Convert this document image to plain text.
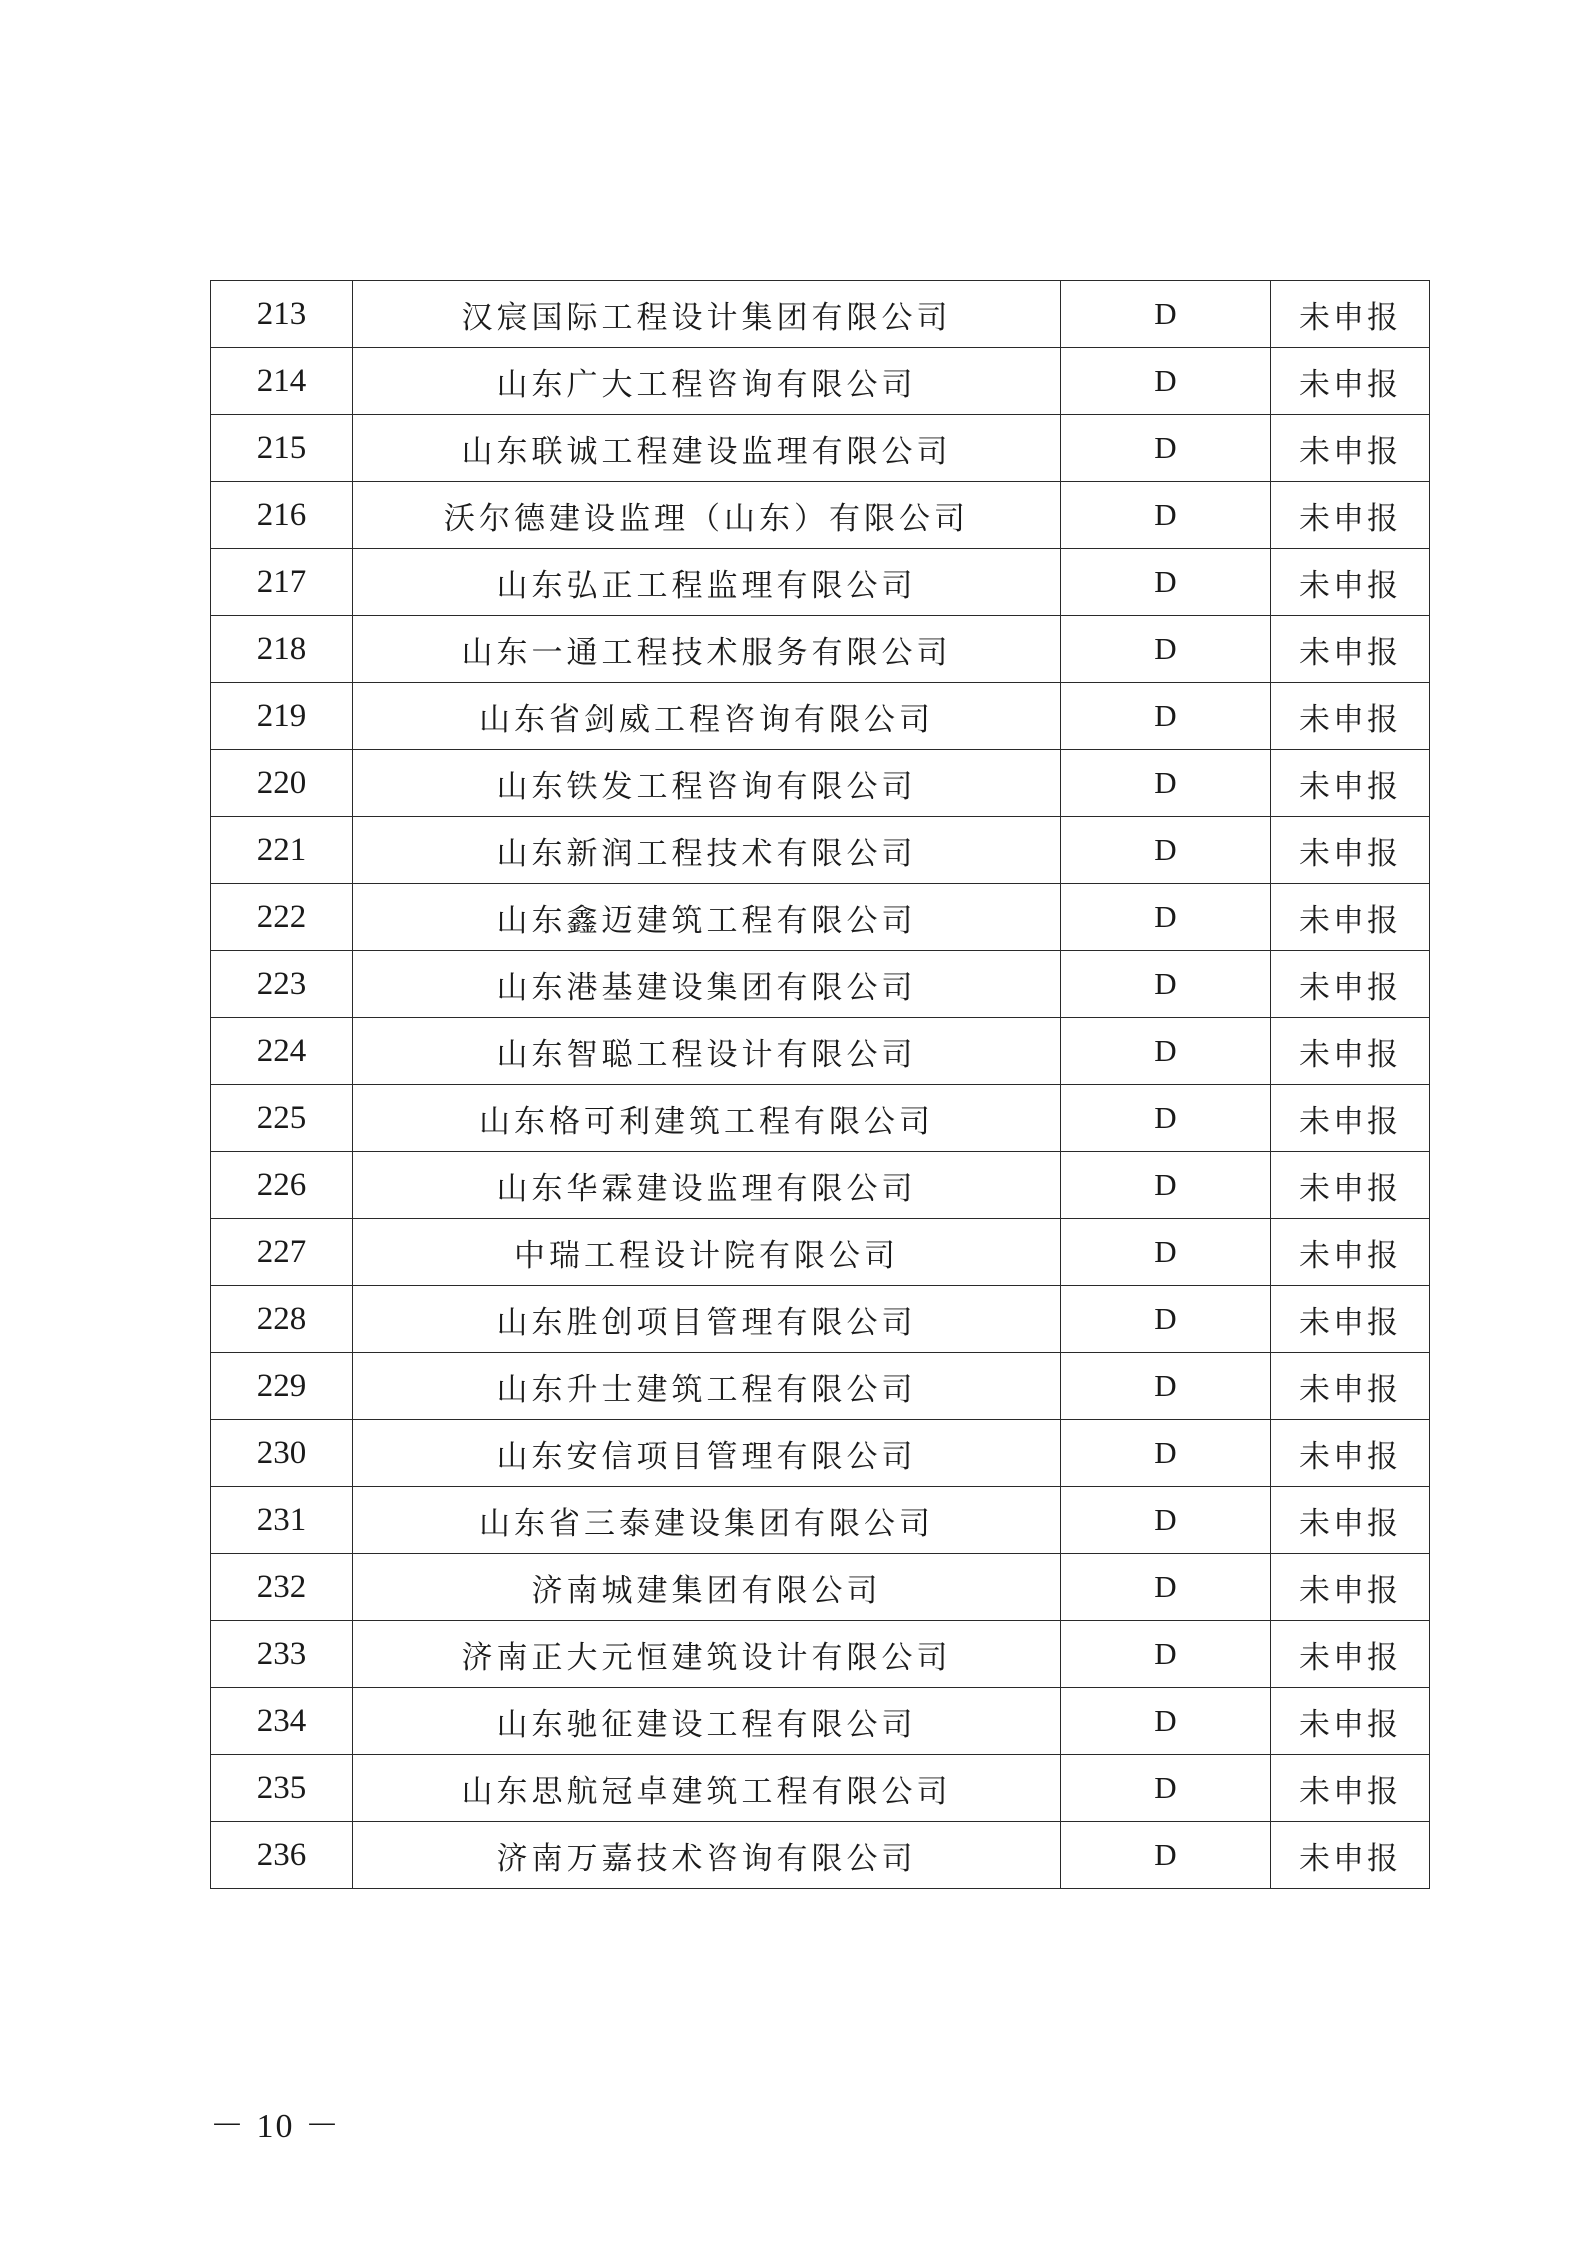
213	汉宸国际工程设计集团有限公司	D	未申报
214	山东广大工程咨询有限公司	D	未申报
215	山东联诚工程建设监理有限公司	D	未申报
216	沃尔德建设监理（山东）有限公司	D	未申报
217	山东弘正工程监理有限公司	D	未申报
218	山东一通工程技术服务有限公司	D	未申报
219	山东省剑威工程咨询有限公司	D	未申报
220	山东铁发工程咨询有限公司	D	未申报
221	山东新润工程技术有限公司	D	未申报
222	山东鑫迈建筑工程有限公司	D	未申报
223	山东港基建设集团有限公司	D	未申报
224	山东智聪工程设计有限公司	D	未申报
225	山东格可利建筑工程有限公司	D	未申报
226	山东华霖建设监理有限公司	D	未申报
227	中瑞工程设计院有限公司	D	未申报
228	山东胜创项目管理有限公司	D	未申报
229	山东升士建筑工程有限公司	D	未申报
230	山东安信项目管理有限公司	D	未申报
231	山东省三泰建设集团有限公司	D	未申报
232	济南城建集团有限公司	D	未申报
233	济南正大元恒建筑设计有限公司	D	未申报
234	山东驰征建设工程有限公司	D	未申报
235	山东思航冠卓建筑工程有限公司	D	未申报
236	济南万嘉技术咨询有限公司	D	未申报
－ 10 －
